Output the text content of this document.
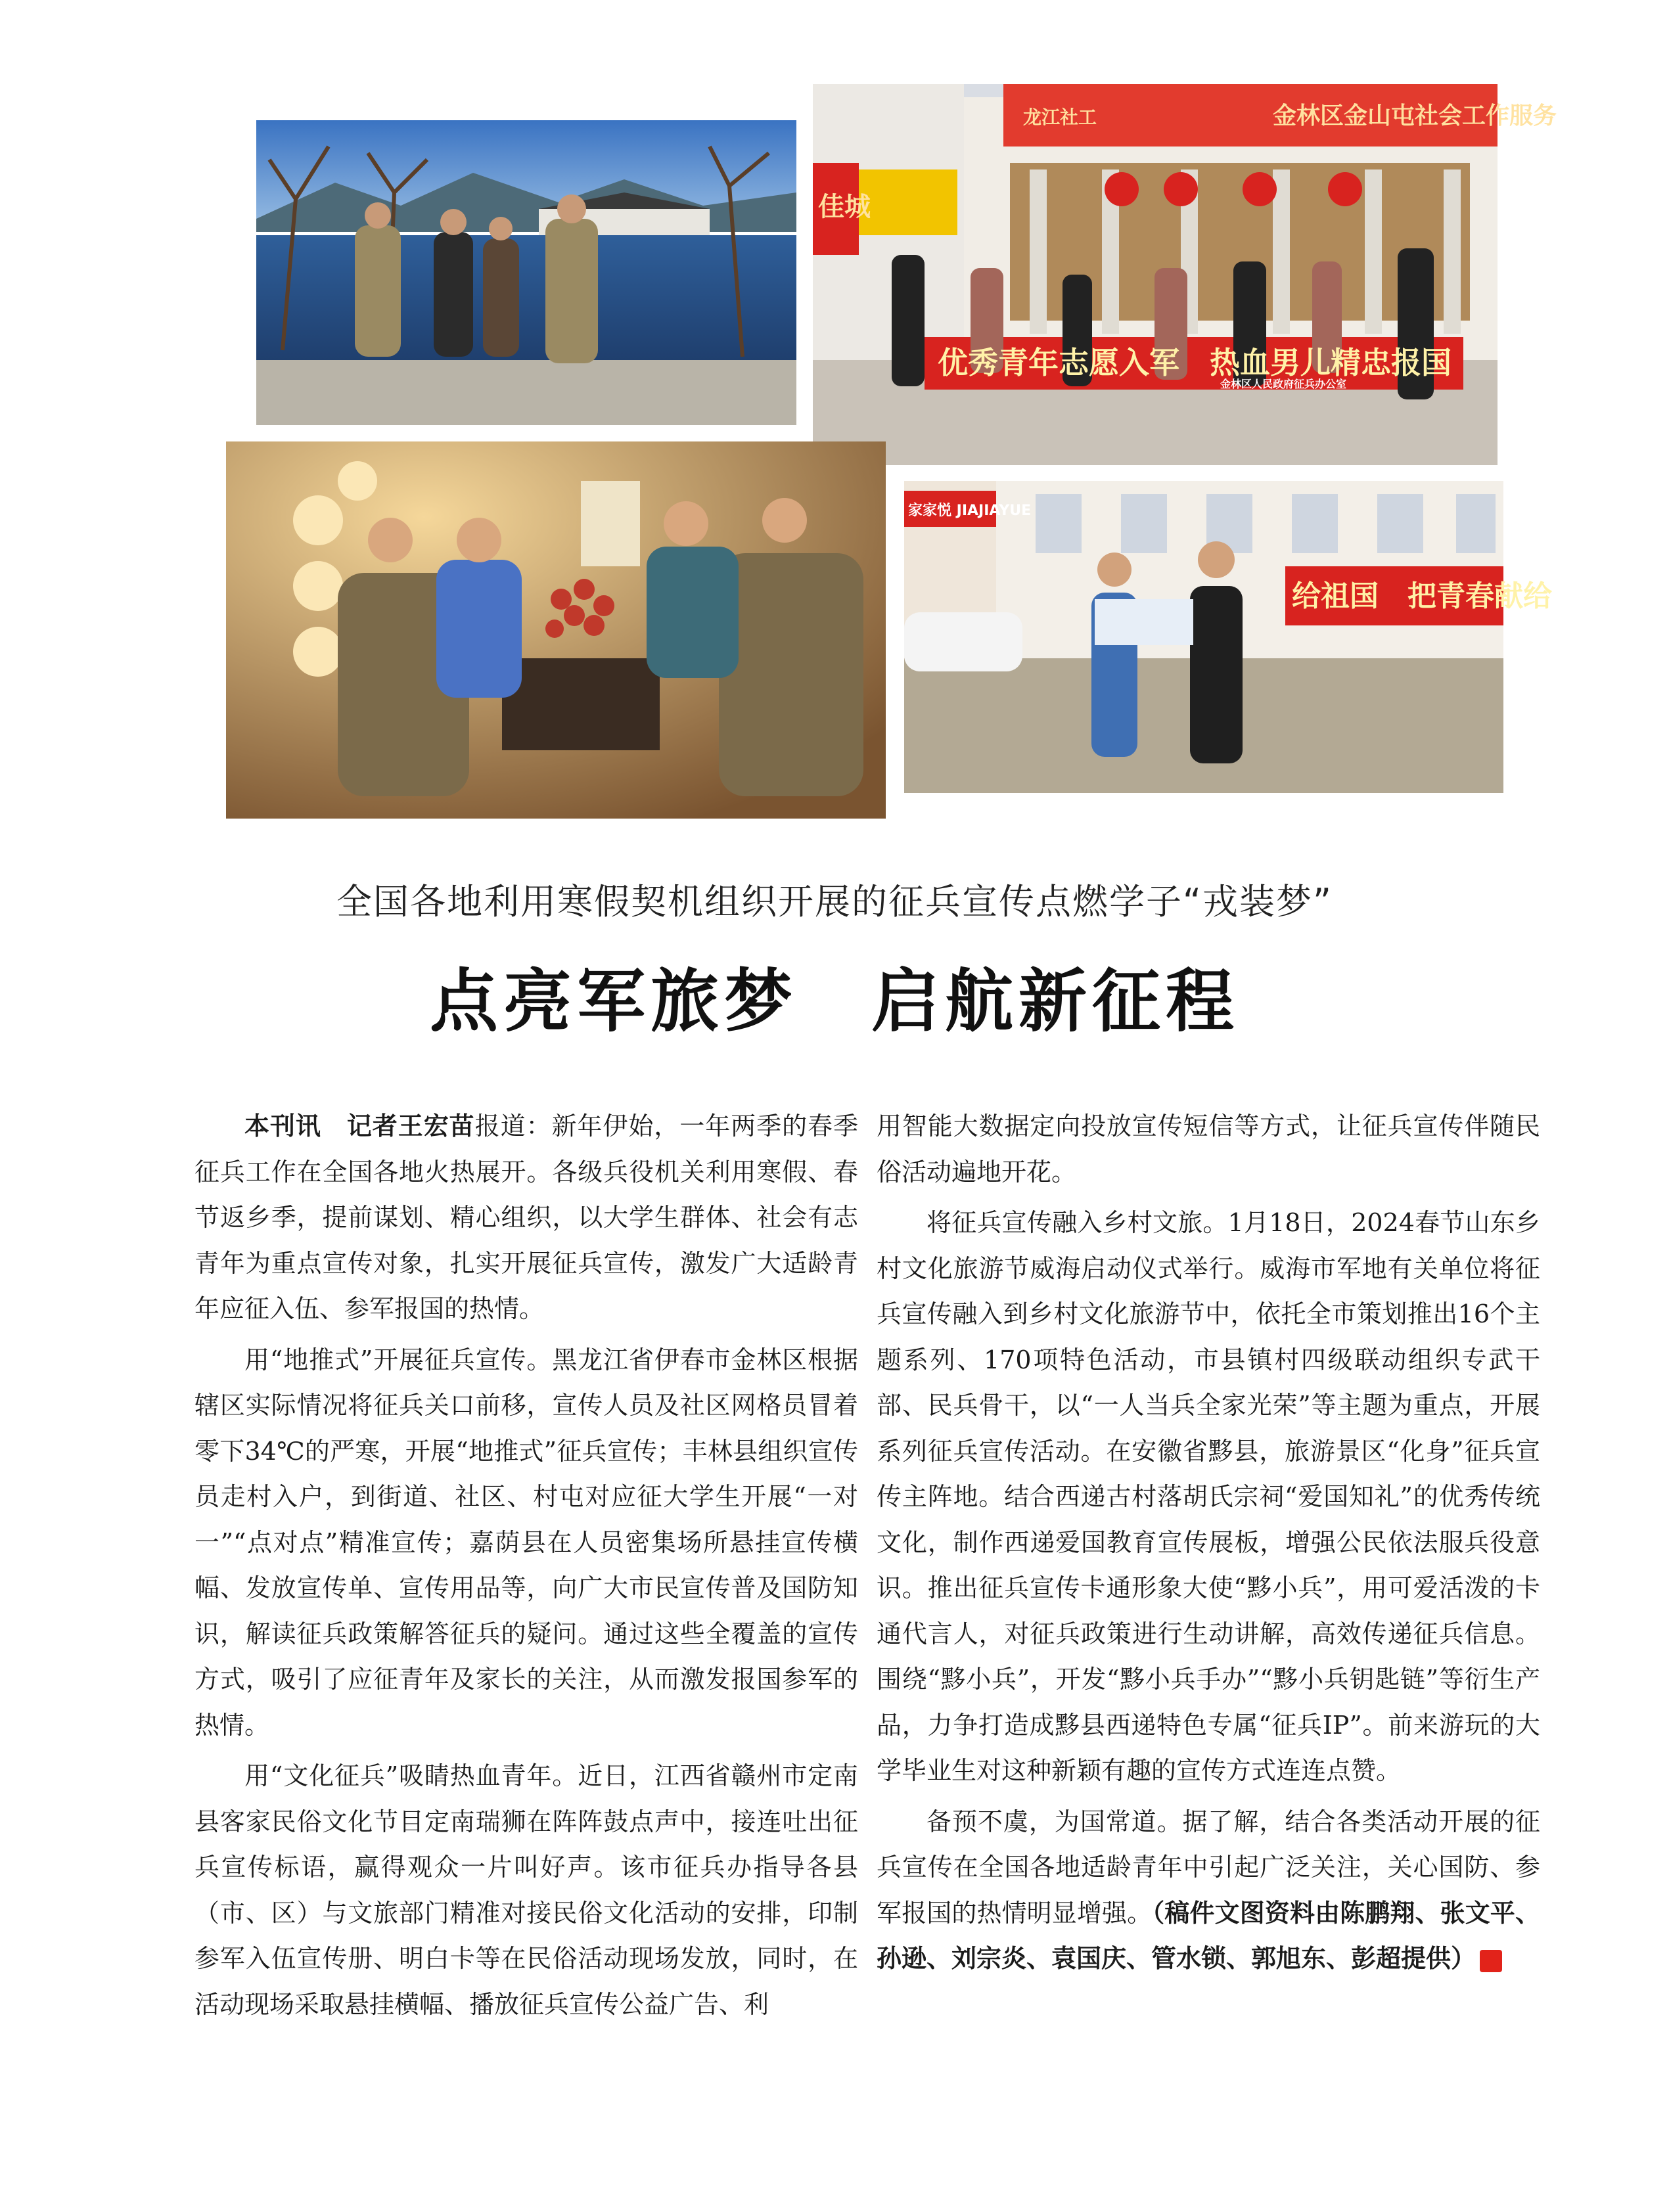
金林区金山屯社会工作服务
龙江社工
佳城
优秀青年志愿入军　热血男儿精忠报国
金林区人民政府征兵办公室
家家悦 JIAJIAYUE
给祖国　把青春献给
全国各地利用寒假契机组织开展的征兵宣传点燃学子“戎装梦”
点亮军旅梦　启航新征程

本刊讯　 记者王宏苗报道：新年伊始，一年两季的春季征兵工作在全国各地火热展开。各级兵役机关利用寒假、春节返乡季，提前谋划、精心组织，以大学生群体、社会有志青年为重点宣传对象，扎实开展征兵宣传，激发广大适龄青年应征入伍、参军报国的热情。

用“地推式”开展征兵宣传。黑龙江省伊春市金林区根据辖区实际情况将征兵关口前移，宣传人员及社区网格员冒着零下34℃的严寒，开展“地推式”征兵宣传；丰林县组织宣传员走村入户，到街道、社区、村屯对应征大学生开展“一对一”“点对点”精准宣传；嘉荫县在人员密集场所悬挂宣传横幅、发放宣传单、宣传用品等，向广大市民宣传普及国防知识，解读征兵政策解答征兵的疑问。通过这些全覆盖的宣传方式，吸引了应征青年及家长的关注，从而激发报国参军的热情。

用“文化征兵”吸睛热血青年。近日，江西省赣州市定南县客家民俗文化节目定南瑞狮在阵阵鼓点声中，接连吐出征兵宣传标语，赢得观众一片叫好声。该市征兵办指导各县（市、区）与文旅部门精准对接民俗文化活动的安排，印制参军入伍宣传册、明白卡等在民俗活动现场发放，同时，在活动现场采取悬挂横幅、播放征兵宣传公益广告、利

用智能大数据定向投放宣传短信等方式，让征兵宣传伴随民俗活动遍地开花。

将征兵宣传融入乡村文旅。1月18日，2024春节山东乡村文化旅游节威海启动仪式举行。威海市军地有关单位将征兵宣传融入到乡村文化旅游节中，依托全市策划推出16个主题系列、170项特色活动，市县镇村四级联动组织专武干部、民兵骨干，以“一人当兵全家光荣”等主题为重点，开展系列征兵宣传活动。在安徽省黟县，旅游景区“化身”征兵宣传主阵地。结合西递古村落胡氏宗祠“爱国知礼”的优秀传统文化，制作西递爱国教育宣传展板，增强公民依法服兵役意识。推出征兵宣传卡通形象大使“黟小兵”，用可爱活泼的卡通代言人，对征兵政策进行生动讲解，高效传递征兵信息。围绕“黟小兵”，开发“黟小兵手办”“黟小兵钥匙链”等衍生产品，力争打造成黟县西递特色专属“征兵IP”。前来游玩的大学毕业生对这种新颖有趣的宣传方式连连点赞。

备预不虞，为国常道。据了解，结合各类活动开展的征兵宣传在全国各地适龄青年中引起广泛关注，关心国防、参军报国的热情明显增强。（稿件文图资料由陈鹏翔、张文平、孙逊、刘宗炎、袁国庆、管水锁、郭旭东、彭超提供）	G
